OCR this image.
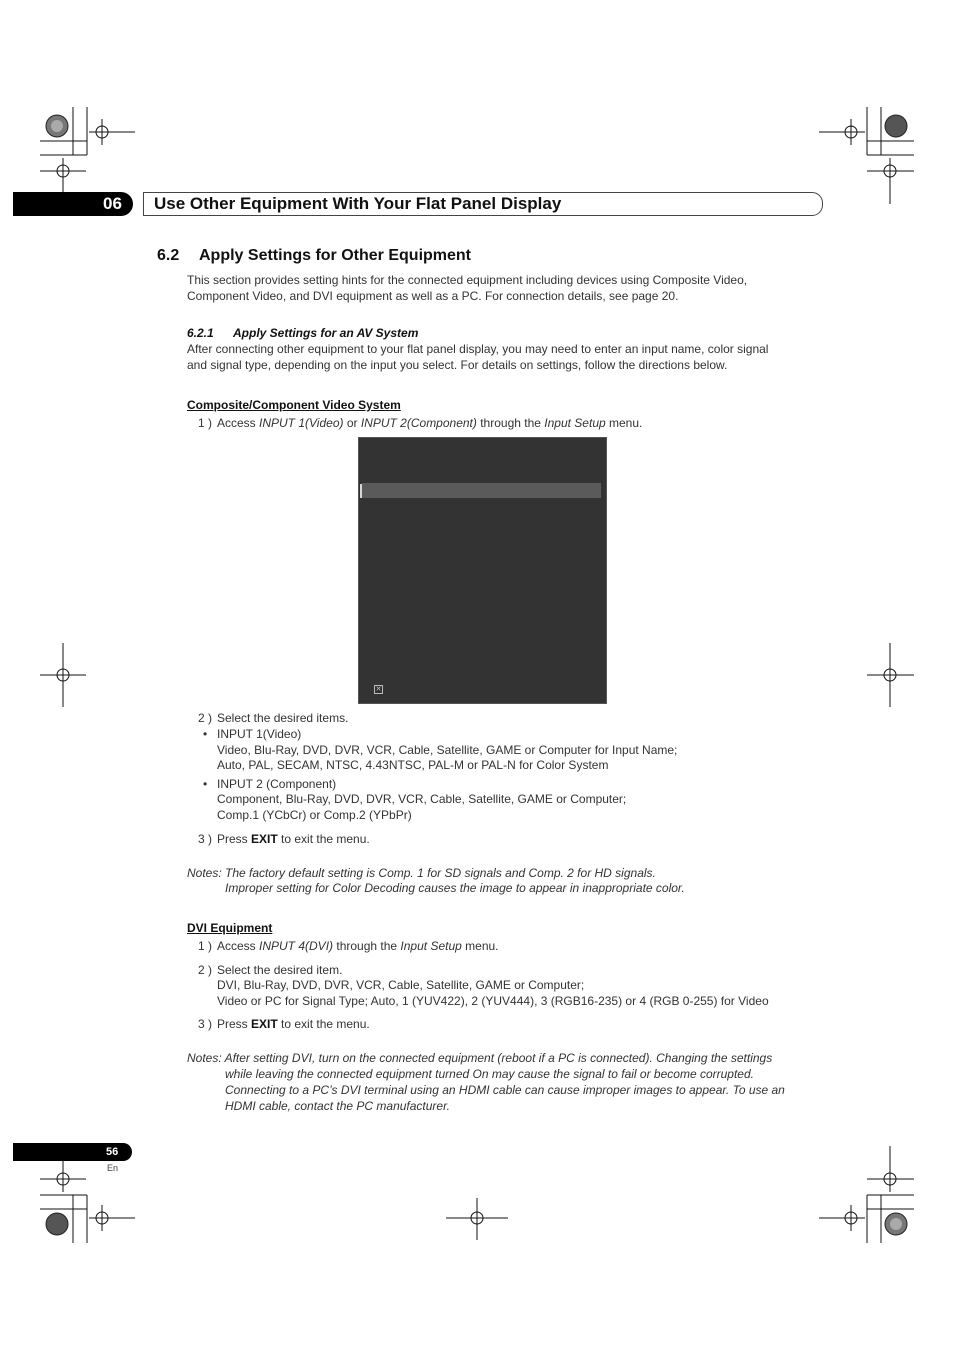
06 Use Other Equipment With Your Flat Panel Display
6.2 Apply Settings for Other Equipment
This section provides setting hints for the connected equipment including devices using Composite Video,
Component Video, and DVI equipment as well as a PC. For connection details, see page 20.
6.2.1 Apply Settings for an AV System
After connecting other equipment to your flat panel display, you may need to enter an input name, color signal
and signal type, depending on the input you select. For details on settings, follow the directions below.
Composite/Component Video System
1 ) Access INPUT 1(Video) or INPUT 2(Component) through the Input Setup menu.
✕
2 ) Select the desired items.
• INPUT 1(Video)
Video, Blu-Ray, DVD, DVR, VCR, Cable, Satellite, GAME or Computer for Input Name;
Auto, PAL, SECAM, NTSC, 4.43NTSC, PAL-M or PAL-N for Color System
• INPUT 2 (Component)
Component, Blu-Ray, DVD, DVR, VCR, Cable, Satellite, GAME or Computer;
Comp.1 (YCbCr) or Comp.2 (YPbPr)
3 ) Press EXIT to exit the menu.
Notes: The factory default setting is Comp. 1 for SD signals and Comp. 2 for HD signals.
Improper setting for Color Decoding causes the image to appear in inappropriate color.
DVI Equipment
1 ) Access INPUT 4(DVI) through the Input Setup menu.
2 ) Select the desired item.
DVI, Blu-Ray, DVD, DVR, VCR, Cable, Satellite, GAME or Computer;
Video or PC for Signal Type; Auto, 1 (YUV422), 2 (YUV444), 3 (RGB16-235) or 4 (RGB 0-255) for Video
3 ) Press EXIT to exit the menu.
Notes: After setting DVI, turn on the connected equipment (reboot if a PC is connected). Changing the settings
while leaving the connected equipment turned On may cause the signal to fail or become corrupted.
Connecting to a PC’s DVI terminal using an HDMI cable can cause improper images to appear. To use an
HDMI cable, contact the PC manufacturer.
56
En
